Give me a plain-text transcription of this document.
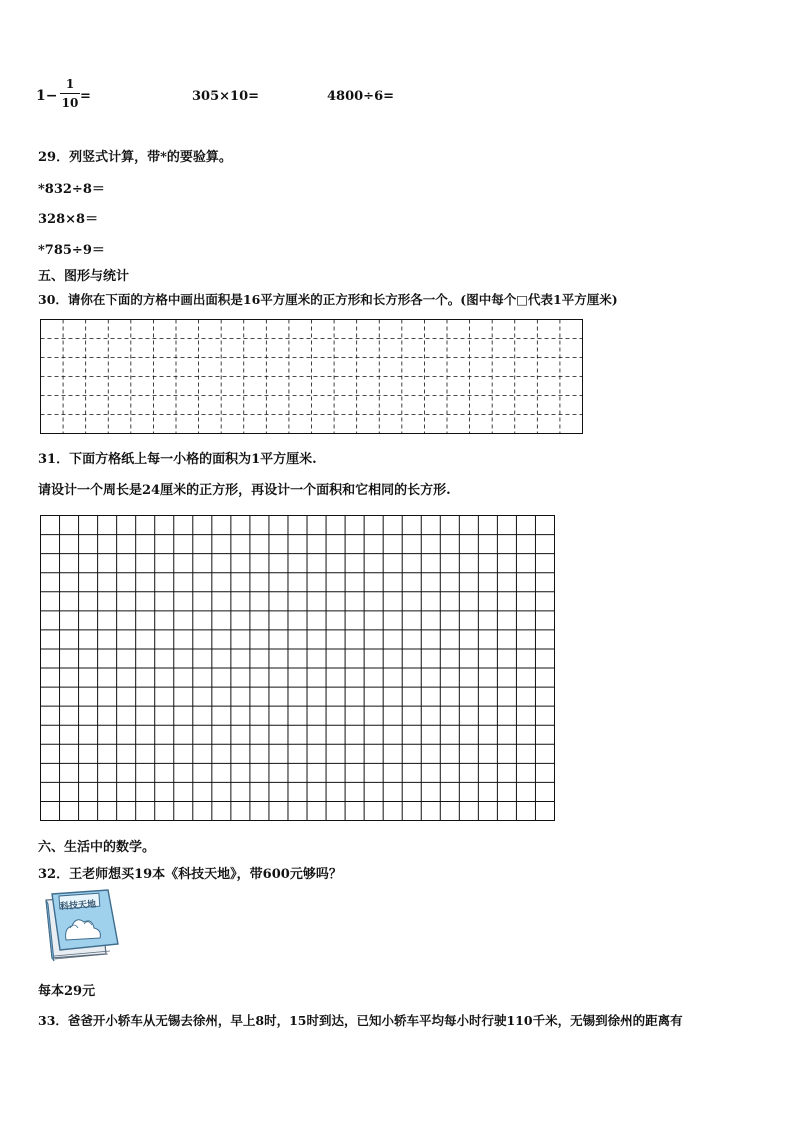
1−
1
10 =	305×10=	4800÷6=
29．列竖式计算，带*的要验算。
*832÷8＝
328×8＝
*785÷9＝
五、图形与统计
30．请你在下面的方格中画出面积是16平方厘米的正方形和长方形各一个。(图中每个□代表1平方厘米)
31．下面方格纸上每一小格的面积为1平方厘米.
请设计一个周长是24厘米的正方形，再设计一个面积和它相同的长方形.
六、生活中的数学。
32．王老师想买19本《科技天地》，带600元够吗？
科技天地
每本29元
33．爸爸开小轿车从无锡去徐州，早上8时，15时到达，已知小轿车平均每小时行驶110千米，无锡到徐州的距离有
